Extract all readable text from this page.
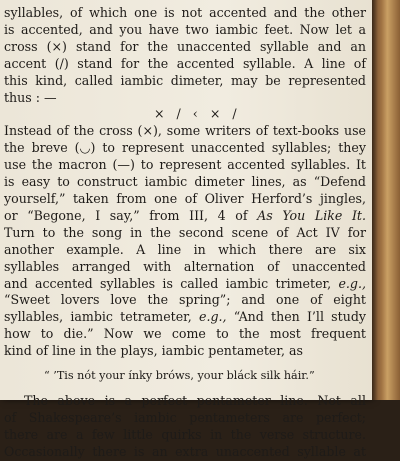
syllables, of which one is not accented and the other
is accented, and you have two iambic feet. Now let a
cross (×) stand for the unaccented syllable and an
accent (/) stand for the accented syllable. A line of
this kind, called iambic dimeter, may be represented
thus : —
× / ‹ × /
Instead of the cross (×), some writers of text-books use
the breve (◡) to represent unaccented syllables; they
use the macron (—) to represent accented syllables. It
is easy to construct iambic dimeter lines, as “Defend
yourself,” taken from one of Oliver Herford’s jingles,
or “Begone, I say,” from III, 4 of As You Like It.
Turn to the song in the second scene of Act IV for
another example. A line in which there are six
syllables arranged with alternation of unaccented
and accented syllables is called iambic trimeter, e.g.,
“Sweet lovers love the spring”; and one of eight
syllables, iambic tetrameter, e.g., “And then I’ll study
how to die.” Now we come to the most frequent
kind of line in the plays, iambic pentameter, as
“ ’Tis nót your ínky bróws, your bláck silk háir.”
The above is a perfect pentameter line. Not all
of Shakespeare’s iambic pentameters are perfect;
there are a few little quirks in the verse structure.
Occasionally there is an extra unaccented syllable at
